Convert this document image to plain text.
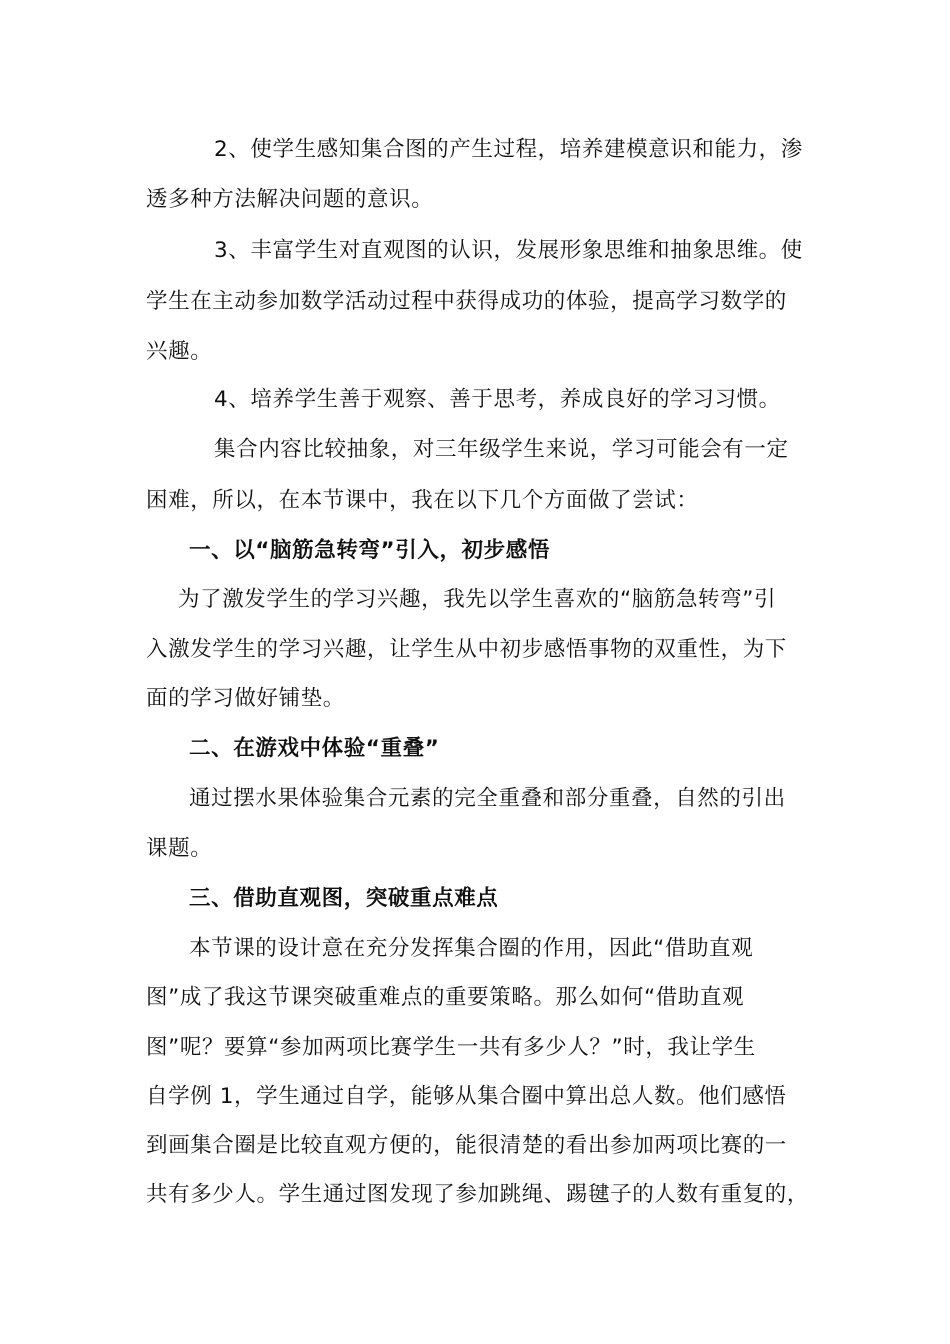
2、使学生感知集合图的产生过程，培养建模意识和能力，渗
透多种方法解决问题的意识。
3、丰富学生对直观图的认识，发展形象思维和抽象思维。使
学生在主动参加数学活动过程中获得成功的体验，提高学习数学的
兴趣。
4、培养学生善于观察、善于思考，养成良好的学习习惯。
集合内容比较抽象，对三年级学生来说，学习可能会有一定
困难，所以，在本节课中，我在以下几个方面做了尝试：
一、以“脑筋急转弯”引入，初步感悟
为了激发学生的学习兴趣，我先以学生喜欢的“脑筋急转弯”引
入激发学生的学习兴趣，让学生从中初步感悟事物的双重性，为下
面的学习做好铺垫。
二、在游戏中体验“重叠”
通过摆水果体验集合元素的完全重叠和部分重叠，自然的引出
课题。
三、借助直观图，突破重点难点
本节课的设计意在充分发挥集合圈的作用，因此“借助直观
图”成了我这节课突破重难点的重要策略。那么如何“借助直观
图”呢？要算“参加两项比赛学生一共有多少人？”时，我让学生
自学例 1，学生通过自学，能够从集合圈中算出总人数。他们感悟
到画集合圈是比较直观方便的，能很清楚的看出参加两项比赛的一
共有多少人。学生通过图发现了参加跳绳、踢毽子的人数有重复的，
